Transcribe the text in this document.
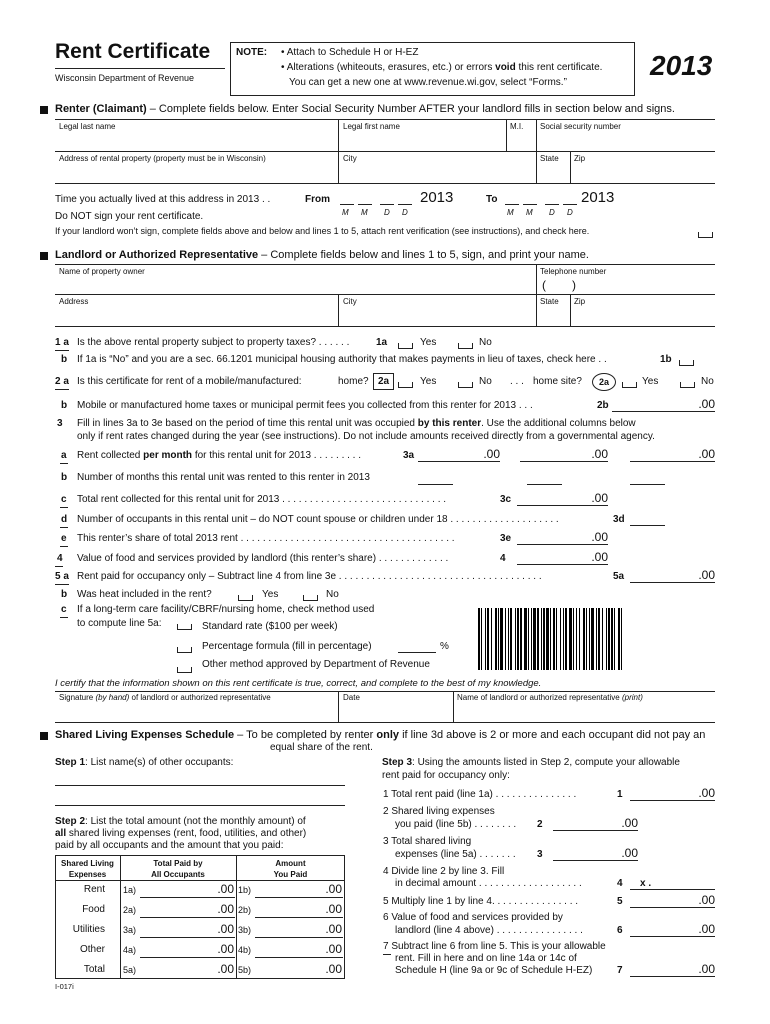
Rent Certificate
Wisconsin Department of Revenue
NOTE: • Attach to Schedule H or H-EZ
• Alterations (whiteouts, erasures, etc.) or errors void this rent certificate.
You can get a new one at www.revenue.wi.gov, select “Forms.”
2013
Renter (Claimant) – Complete fields below. Enter Social Security Number AFTER your landlord fills in section below and signs.
Legal last name	Legal first name	M.I. Social security number
Address of rental property (property must be in Wisconsin)	City	State Zip
Time you actually lived at this address in 2013 . .	From	2013
M M D D
To	2013
M M D D
Do NOT sign your rent certificate.
If your landlord won’t sign, complete fields above and below and lines 1 to 5, attach rent verification (see instructions), and check here.
Landlord or Authorized Representative – Complete fields below and lines 1 to 5, sign, and print your name.
Name of property owner	Telephone number
( )
Address	City	State Zip
1 a Is the above rental property subject to property taxes? . . . . . .	1a	Yes	No
b If 1a is “No” and you are a sec. 66.1201 municipal housing authority that makes payments in lieu of taxes, check here . .	1b
2 a Is this certificate for rent of a mobile/manufactured:	home? 2a	Yes	No . . . home site?	2a	Yes	No
b Mobile or manufactured home taxes or municipal permit fees you collected from this renter for 2013 . . .	2b	.00
3 Fill in lines 3a to 3e based on the period of time this rental unit was occupied by this renter. Use the additional columns below
only if rent rates changed during the year (see instructions). Do not include amounts received directly from a governmental agency.
a Rent collected per month for this rental unit for 2013 . . . . . . . . .	3a	.00	.00	.00
b Number of months this rental unit was rented to this renter in 2013
c Total rent collected for this rental unit for 2013 . . . . . . . . . . . . . . . . . . . . . . . . . . . . . .	3c	.00
d Number of occupants in this rental unit – do NOT count spouse or children under 18 . . . . . . . . . . . . . . . . . . . .	3d
e This renter’s share of total 2013 rent . . . . . . . . . . . . . . . . . . . . . . . . . . . . . . . . . . . . . . .	3e	.00
4 Value of food and services provided by landlord (this renter’s share) . . . . . . . . . . . . .	4	.00
5 a Rent paid for occupancy only – Subtract line 4 from line 3e . . . . . . . . . . . . . . . . . . . . . . . . . . . . . . . . . . . . .	5a	.00
b Was heat included in the rent?	Yes	No
c If a long-term care facility/CBRF/nursing home, check method used
to compute line 5a:	Standard rate ($100 per week)
Percentage formula (fill in percentage)	%
Other method approved by Department of Revenue
I certify that the information shown on this rent certificate is true, correct, and complete to the best of my knowledge.
Signature (by hand) of landlord or authorized representative	Date	Name of landlord or authorized representative (print)
Shared Living Expenses Schedule – To be completed by renter only if line 3d above is 2 or more and each occupant did not pay an
equal share of the rent.
Step 1: List name(s) of other occupants:
Step 2: List the total amount (not the monthly amount) of
all shared living expenses (rent, food, utilities, and other)
paid by all occupants and the amount that you paid:
Shared Living
Expenses
Total Paid by
All Occupants
Amount
You Paid
Rent 1a)	.00 1b)	.00
Food 2a)	.00 2b)	.00
Utilities 3a)	.00 3b)	.00
Other 4a)	.00 4b)	.00
Total 5a)	.00 5b)	.00
Step 3: Using the amounts listed in Step 2, compute your allowable
rent paid for occupancy only:
1 Total rent paid (line 1a) . . . . . . . . . . . . . . .	1	.00
2 Shared living expenses
you paid (line 5b) . . . . . . . . 2	.00
3 Total shared living
expenses (line 5a) . . . . . . . 3	.00
4 Divide line 2 by line 3. Fill
in decimal amount . . . . . . . . . . . . . . . . . . .	4 x .
5 Multiply line 1 by line 4. . . . . . . . . . . . . . . .	5	.00
6 Value of food and services provided by
landlord (line 4 above) . . . . . . . . . . . . . . . .	6	.00
7 Subtract line 6 from line 5. This is your allowable
rent. Fill in here and on line 14a or 14c of
Schedule H (line 9a or 9c of Schedule H-EZ) 7	.00
I-017i
